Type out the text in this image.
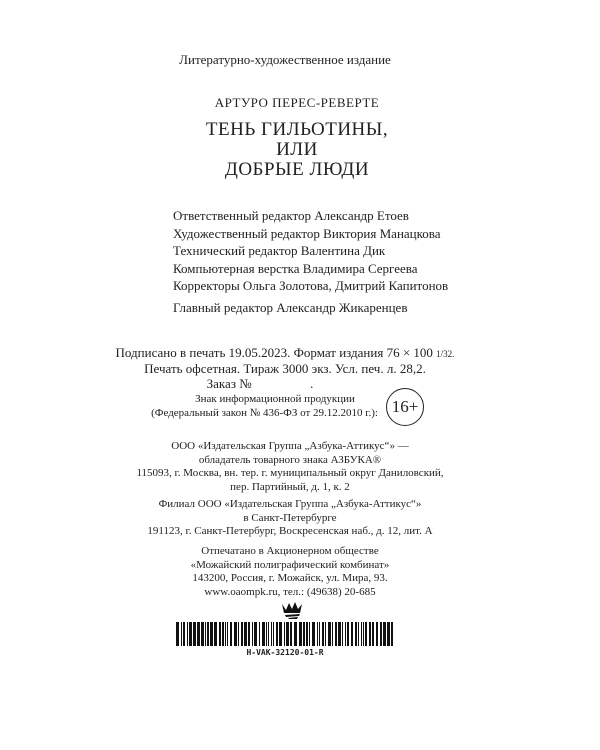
Литературно-художественное издание
АРТУРО ПЕРЕС-РЕВЕРТЕ
ТЕНЬ ГИЛЬОТИНЫ,
ИЛИ
ДОБРЫЕ ЛЮДИ
Ответственный редактор Александр Етоев
Художественный редактор Виктория Манацкова
Технический редактор Валентина Дик
Компьютерная верстка Владимира Сергеева
Корректоры Ольга Золотова, Дмитрий Капитонов
Главный редактор Александр Жикаренцев
Подписано в печать 19.05.2023. Формат издания 76 × 100 1/32.
Печать офсетная. Тираж 3000 экз. Усл. печ. л. 28,2.
Заказ №                  .
Знак информационной продукции
(Федеральный закон № 436-ФЗ от 29.12.2010 г.): 16+
ООО «Издательская Группа „Азбука-Аттикус“» —
обладатель товарного знака АЗБУКА®
115093, г. Москва, вн. тер. г. муниципальный округ Даниловский,
пер. Партийный, д. 1, к. 2
Филиал ООО «Издательская Группа „Азбука-Аттикус“»
в Санкт-Петербурге
191123, г. Санкт-Петербург, Воскресенская наб., д. 12, лит. А
Отпечатано в Акционерном обществе
«Можайский полиграфический комбинат»
143200, Россия, г. Можайск, ул. Мира, 93.
www.oaompk.ru, тел.: (49638) 20-685
H-VAK-32120-01-R
